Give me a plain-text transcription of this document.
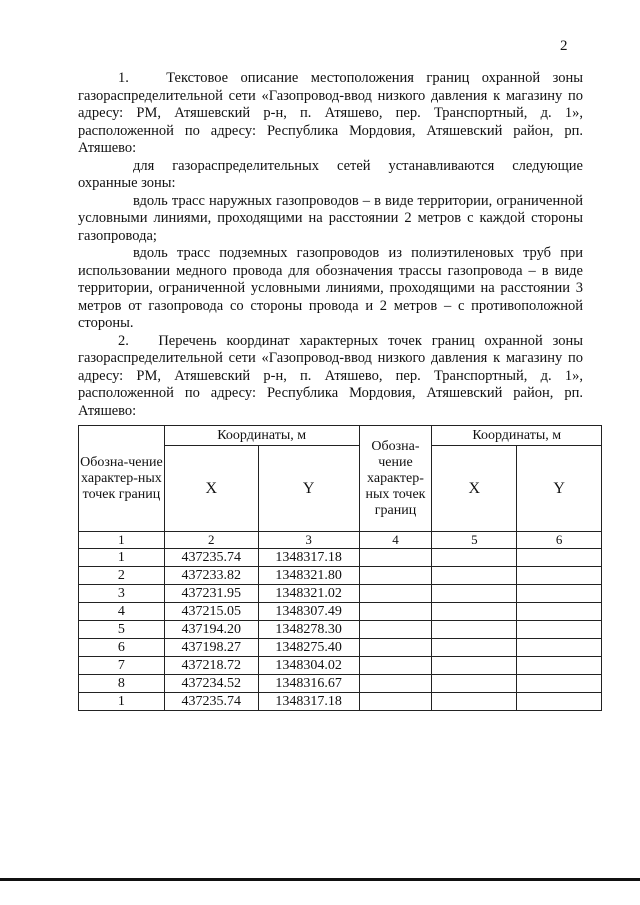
2

1.   Текстовое описание местоположения границ охранной зоны газораспределительной сети «Газопровод-ввод низкого давления к магазину по адресу: РМ, Атяшевский р-н, п. Атяшево, пер. Транспортный, д. 1», расположенной по адресу: Республика Мордовия, Атяшевский район, рп. Атяшево:

для газораспределительных сетей устанавливаются следующие охранные зоны:

вдоль трасс наружных газопроводов – в виде территории, ограниченной условными линиями, проходящими на расстоянии 2 метров с каждой стороны газопровода;

вдоль трасс подземных газопроводов из полиэтиленовых труб при использовании медного провода для обозначения трассы газопровода – в виде территории, ограниченной условными линиями, проходящими на расстоянии 3 метров от газопровода со стороны провода и 2 метров – с противоположной стороны.

2.   Перечень координат характерных точек границ охранной зоны газораспределительной сети «Газопровод-ввод низкого давления к магазину по адресу: РМ, Атяшевский р-н, п. Атяшево, пер. Транспортный, д. 1», расположенной по адресу: Республика Мордовия, Атяшевский район, рп. Атяшево:

Обозна-чение характер-ных точек границ	Координаты, м		Обозна-чение характер-ных точек границ	Координаты, м	
	X	Y		X	Y
1	2	3	4	5	6
1	437235.74	1348317.18			
2	437233.82	1348321.80			
3	437231.95	1348321.02			
4	437215.05	1348307.49			
5	437194.20	1348278.30			
6	437198.27	1348275.40			
7	437218.72	1348304.02			
8	437234.52	1348316.67			
1	437235.74	1348317.18			
